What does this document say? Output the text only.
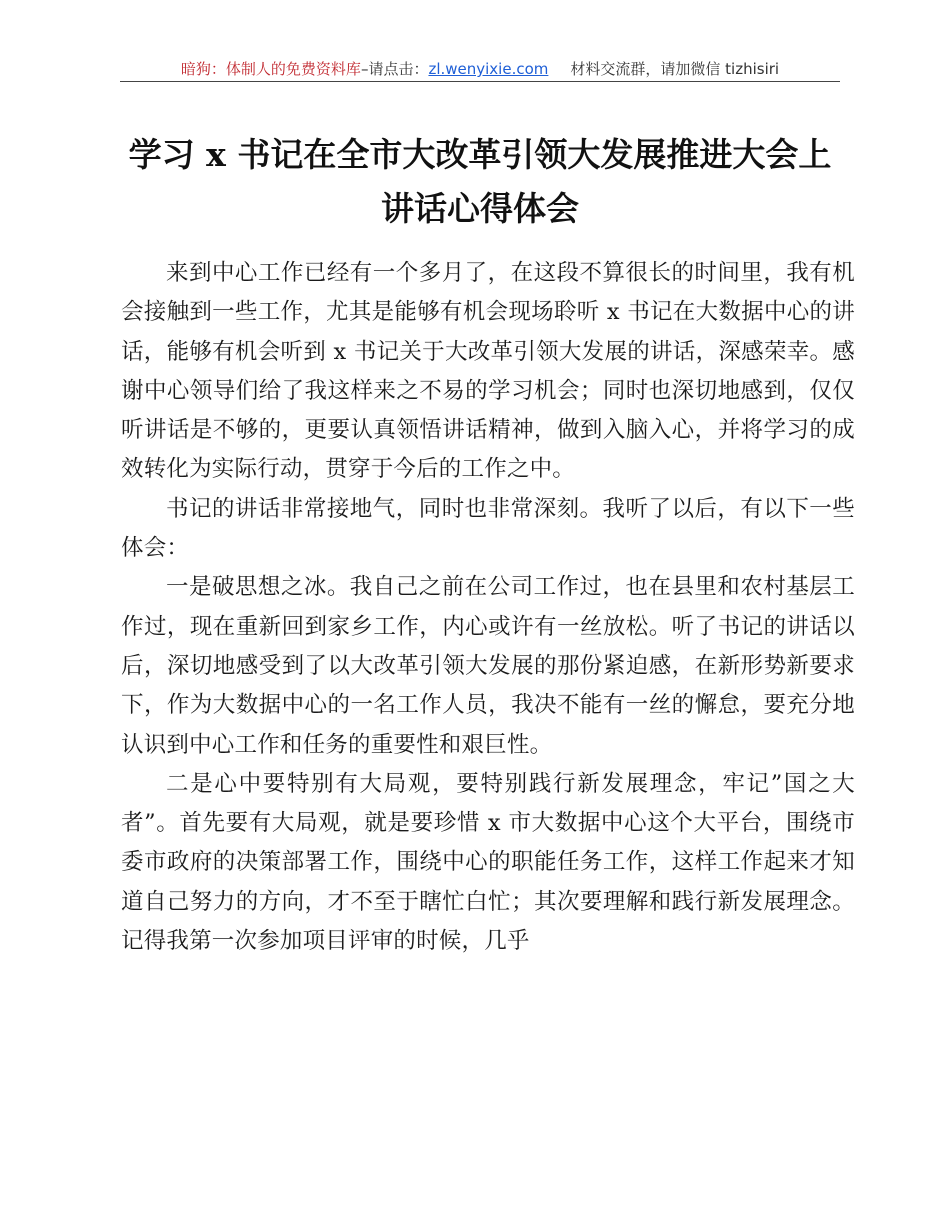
暗狗：体制人的免费资料库–请点击：zl.wenyixie.com 材料交流群，请加微信 tizhisiri
学习 x 书记在全市大改革引领大发展推进大会上
讲话心得体会

来到中心工作已经有一个多月了，在这段不算很长的时间里，我有机会接触到一些工作，尤其是能够有机会现场聆听 x 书记在大数据中心的讲话，能够有机会听到 x 书记关于大改革引领大发展的讲话，深感荣幸。感谢中心领导们给了我这样来之不易的学习机会；同时也深切地感到，仅仅听讲话是不够的，更要认真领悟讲话精神，做到入脑入心，并将学习的成效转化为实际行动，贯穿于今后的工作之中。

书记的讲话非常接地气，同时也非常深刻。我听了以后，有以下一些体会：

一是破思想之冰。我自己之前在公司工作过，也在县里和农村基层工作过，现在重新回到家乡工作，内心或许有一丝放松。听了书记的讲话以后，深切地感受到了以大改革引领大发展的那份紧迫感，在新形势新要求下，作为大数据中心的一名工作人员，我决不能有一丝的懈怠，要充分地认识到中心工作和任务的重要性和艰巨性。

二是心中要特别有大局观，要特别践行新发展理念，牢记”国之大者”。首先要有大局观，就是要珍惜 x 市大数据中心这个大平台，围绕市委市政府的决策部署工作，围绕中心的职能任务工作，这样工作起来才知道自己努力的方向，才不至于瞎忙白忙；其次要理解和践行新发展理念。记得我第一次参加项目评审的时候，几乎
